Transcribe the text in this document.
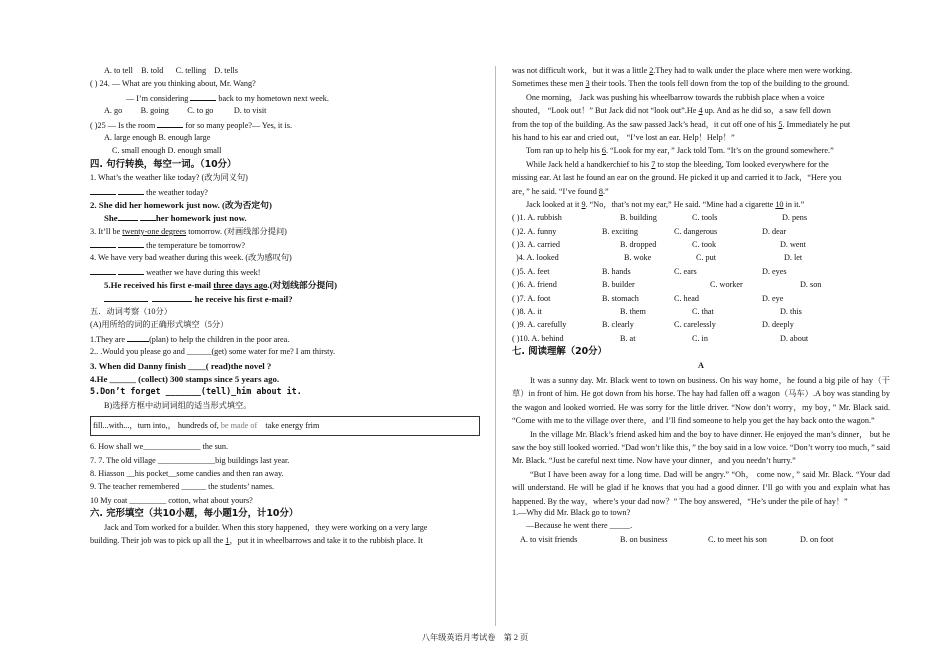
A. to tell    B. told      C. telling    D. tells

( ) 24. — What are you thinking about, Mr. Wang?

— I’m considering	back to my hometown next week.

A. go         B. going         C. to go          D. to visit

( )25 — Is the room	for so many people?— Yes, it is.

A. large enough B. enough large

C. small enough D. enough small

四. 句行转换，每空一词。（10分）

1. What’s the weather like today? (改为同义句)

the weather today?

2. She did her homework just now. (改为否定句)

She	her homework just now.

3. It’ll be twenty-one degrees tomorrow. (对画线部分提问)

the temperature be tomorrow?

4. We have very bad weather during this week. (改为感叹句)

weather we have during this week!

5.He received his first e-mail three days ago.(对划线部分提问)

he receive his first e-mail?

五．动词考察（10分）

(A)用所给的词的正确形式填空（5分）

1.They are	(plan) to help the children in the poor area.

2.. .Would you please go and ______(get) some water for me? I am thirsty.

3. When did Danny finish ____( read)the novel ?

4.He ______ (collect) 300 stamps since 5 years ago.

5.Don’t forget _______(tell)_him about it.

B)选择方框中动词词组的适当形式填空。

fill...with...，turn into,， hundreds of, be made of    take energy frim

6. How shall we______________ the sun.

7. 7. The old village ______________big buildings last year.

8. Hiasson __his pocket__some candies and then ran away.

9. The teacher remembered ______ the students’ names.

10 My coat _________ cotton, what about yours?

六. 完形填空（共10小题，每小题1分，计10分）

Jack and Tom worked for a builder. When this story happened，they were working on a very large

building. Their job was to pick up all the 1，put it in wheelbarrows and take it to the rubbish place. It

was not difficult work，but it was a little 2.They had to walk under the place where men were working.

Sometimes these men 3 their tools. Then the tools fell down from the top of the building to the ground.

One morning， Jack was pushing his wheelbarrow towards the rubbish place when a voice

shouted， “Look out！” But Jack did not “look out”.He 4 up. And as he did so，a saw fell down

from the top of the building. As the saw passed Jack’s head，it cut off one of his 5. Immediately he put

his hand to his ear and cried out， “I’ve lost an ear. Help！Help！”

Tom ran up to help his 6. “Look for my ear，” Jack told Tom. “It’s on the ground somewhere.”

While Jack held a handkerchief to his 7 to stop the bleeding, Tom looked everywhere for the

missing ear. At last he found an ear on the ground. He picked it up and carried it to Jack，“Here you

are，” he said. “I’ve found 8.”

Jack looked at it 9. “No，that’s not my ear,” He said. “Mine had a cigarette 10 in it.”

( )1. A. rubbish	B. building	C. tools	D. pens
( )2. A. funny	B. exciting	C. dangerous	D. dear
( )3. A. carried	B. dropped	C. took	D. went
)4. A. looked	B. woke	C. put	D. let
( )5. A. feet	B. hands	C. ears	D. eyes
( )6. A. friend	B. builder	C. worker	D. son
( )7. A. foot	B. stomach	C. head	D. eye
( )8. A. it	B. them	C. that	D. this
( )9. A. carefully	B. clearly	C. carelessly	D. deeply
( )10. A. behind	B. at	C. in	D. about

七. 阅读理解（20分）

A

It was a sunny day. Mr. Black went to town on business. On his way home，he found a big pile of hay（干草）in front of him. He got down from his horse. The hay had fallen off a wagon（马车）.A boy was standing by the wagon and looked worried. He was sorry for the little driver. “Now don’t worry，my boy，” Mr. Black said. “Come with me to the village over there，and I’ll find someone to help you get the hay back onto the wagon.”

In the village Mr. Black’s friend asked him and the boy to have dinner. He enjoyed the man’s dinner， but he saw the boy still looked worried. “Dad won’t like this，” the boy said in a low voice. “Don’t worry too much，” said Mr. Black. “Just be careful next time. Now have your dinner，and you needn’t hurry.”

“But I have been away for a long time. Dad will be angry.” “Oh， come now，” said Mr. Black. “Your dad will understand. He will be glad if he knows that you had a good dinner. I’ll go with you and explain what has happened. By the way，where’s your dad now？” The boy answered，“He’s under the pile of hay！”

1.—Why did Mr. Black go to town?

—Because he went there _____.

A. to visit friends	B. on business	C. to meet his son	D. on foot
八年级英语月考试卷    第 2 页
